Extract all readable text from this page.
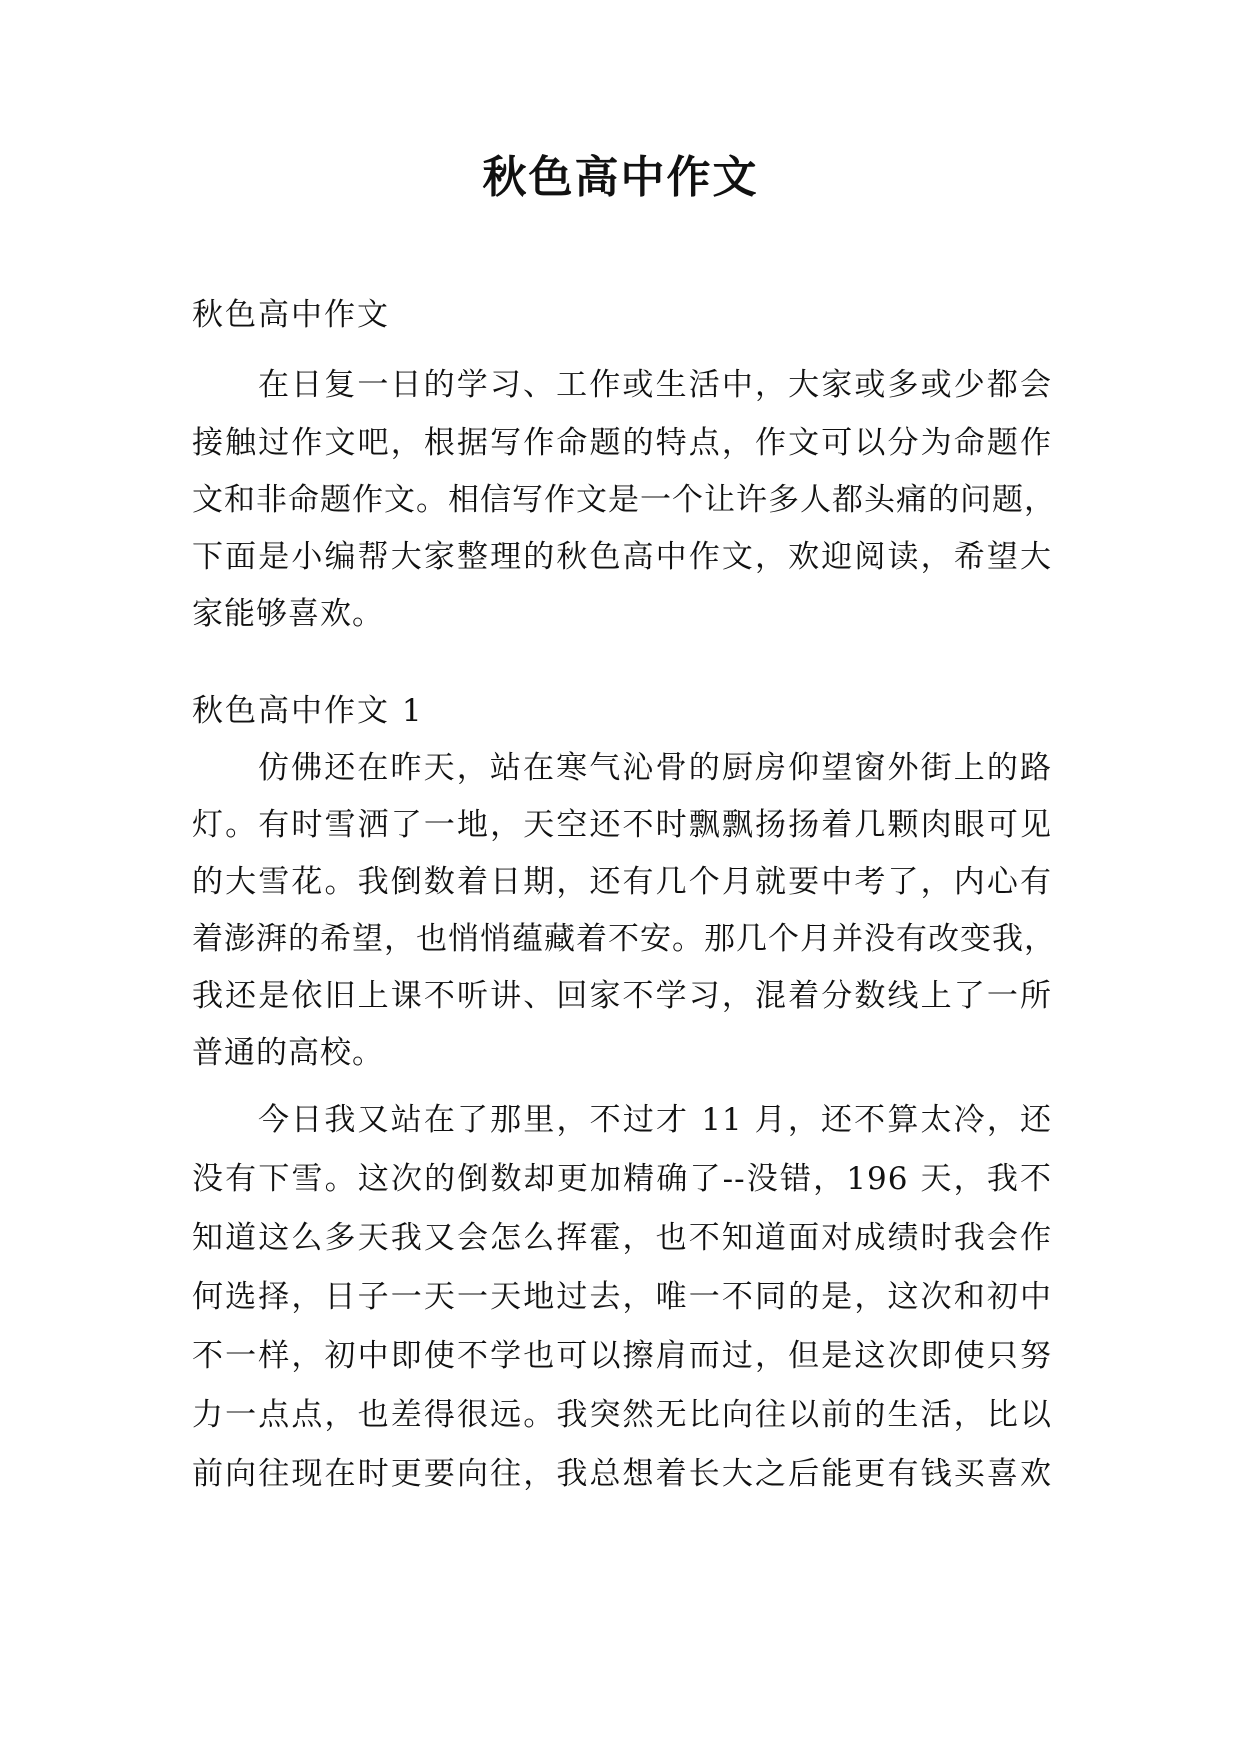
秋色高中作文
秋色高中作文
在日复一日的学习、工作或生活中，大家或多或少都会
接触过作文吧，根据写作命题的特点，作文可以分为命题作
文和非命题作文。相信写作文是一个让许多人都头痛的问题，
下面是小编帮大家整理的秋色高中作文，欢迎阅读，希望大
家能够喜欢。
秋色高中作文 1
仿佛还在昨天，站在寒气沁骨的厨房仰望窗外街上的路
灯。有时雪洒了一地，天空还不时飘飘扬扬着几颗肉眼可见
的大雪花。我倒数着日期，还有几个月就要中考了，内心有
着澎湃的希望，也悄悄蕴藏着不安。那几个月并没有改变我，
我还是依旧上课不听讲、回家不学习，混着分数线上了一所
普通的高校。
今日我又站在了那里，不过才 11 月，还不算太冷，还
没有下雪。这次的倒数却更加精确了--没错，196 天，我不
知道这么多天我又会怎么挥霍，也不知道面对成绩时我会作
何选择，日子一天一天地过去，唯一不同的是，这次和初中
不一样，初中即使不学也可以擦肩而过，但是这次即使只努
力一点点，也差得很远。我突然无比向往以前的生活，比以
前向往现在时更要向往，我总想着长大之后能更有钱买喜欢
